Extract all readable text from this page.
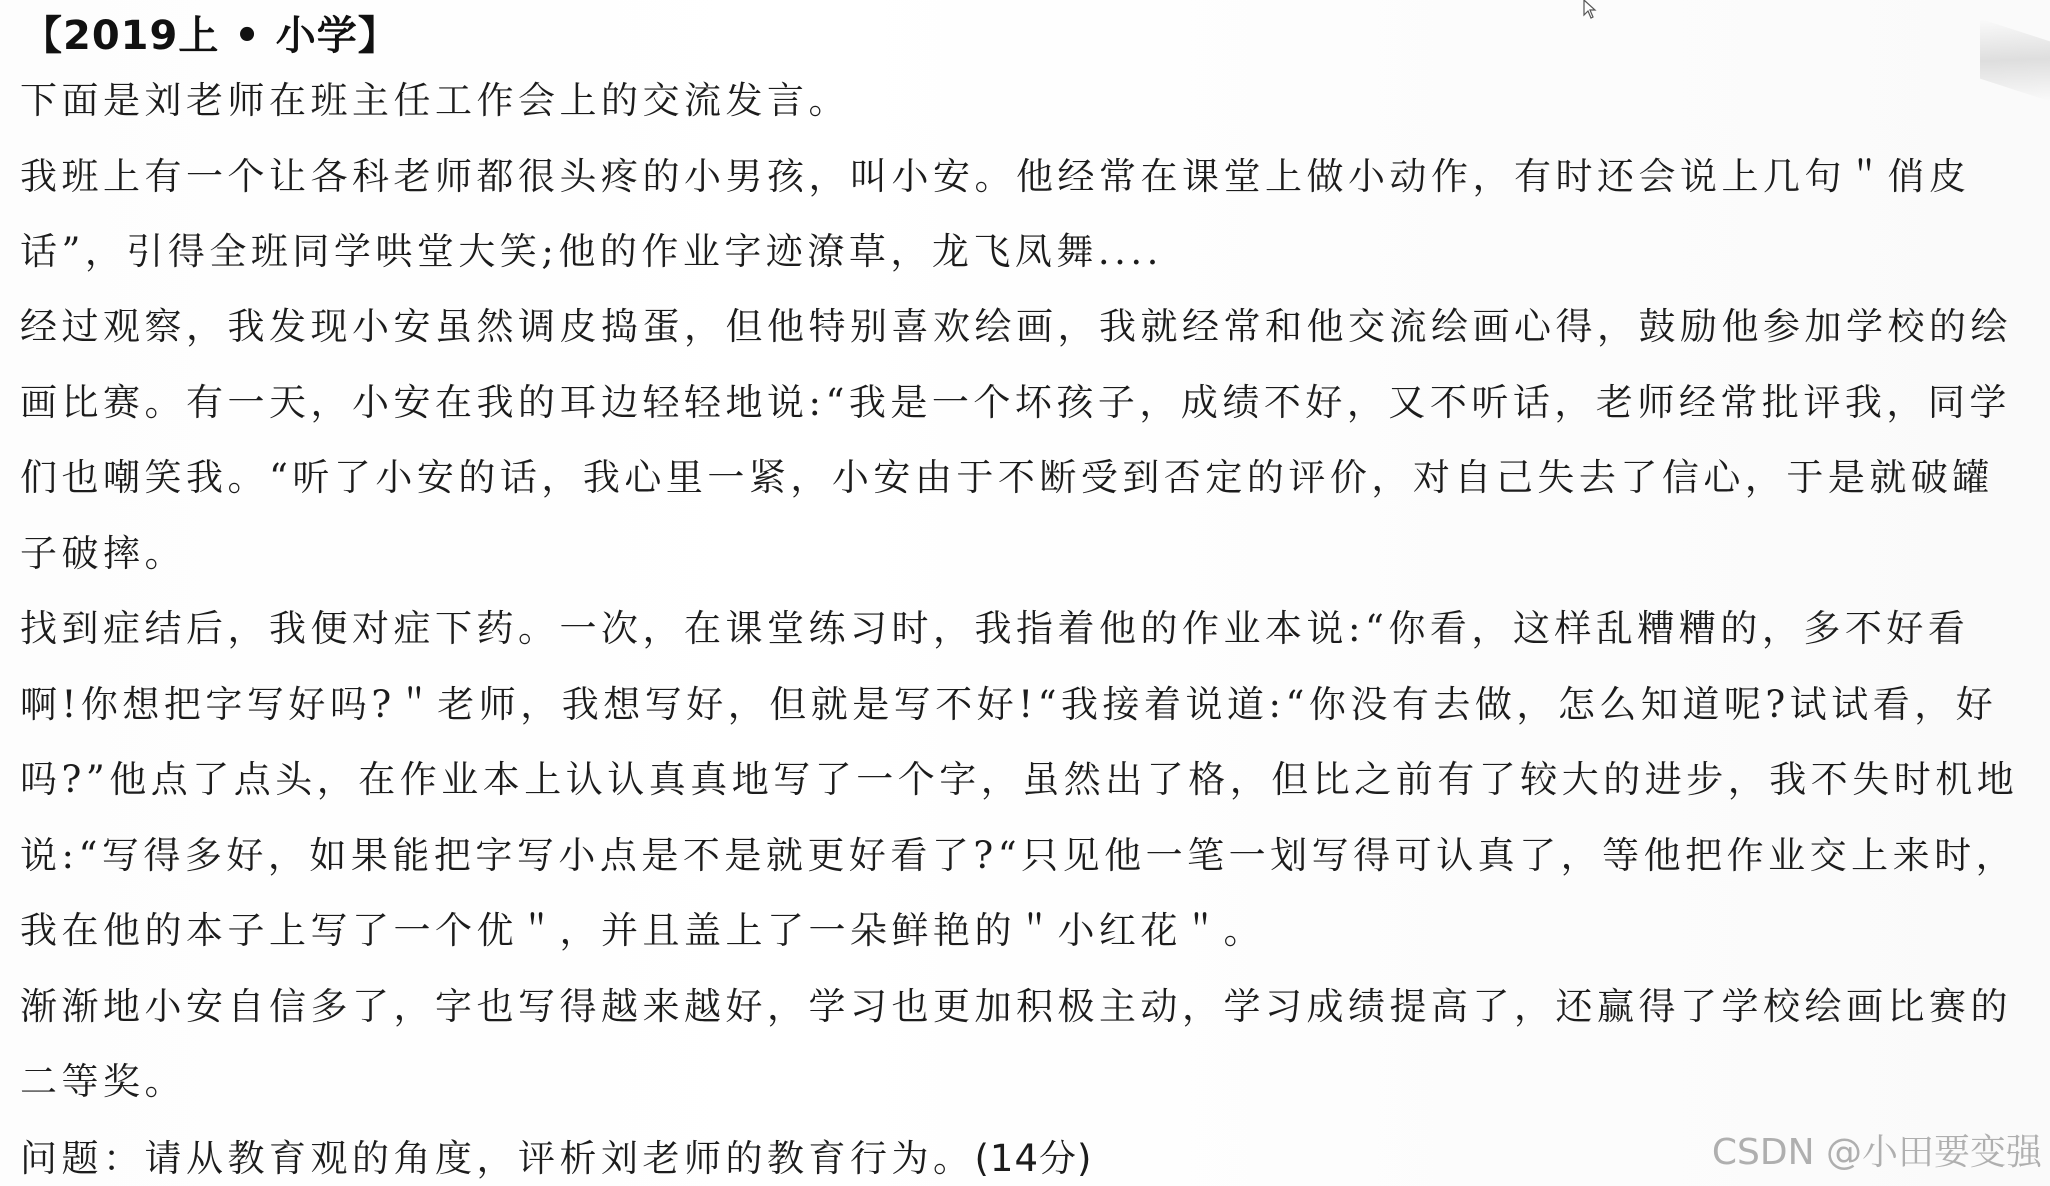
【2019上 • 小学】
下面是刘老师在班主任工作会上的交流发言。
我班上有一个让各科老师都很头疼的小男孩，叫小安。他经常在课堂上做小动作，有时还会说上几句＂俏皮
话”，引得全班同学哄堂大笑;他的作业字迹潦草，龙飞凤舞....
经过观察，我发现小安虽然调皮捣蛋，但他特别喜欢绘画，我就经常和他交流绘画心得，鼓励他参加学校的绘
画比赛。有一天，小安在我的耳边轻轻地说:“我是一个坏孩子，成绩不好，又不听话，老师经常批评我，同学
们也嘲笑我。“听了小安的话，我心里一紧，小安由于不断受到否定的评价，对自己失去了信心，于是就破罐
子破摔。
找到症结后，我便对症下药。一次，在课堂练习时，我指着他的作业本说:“你看，这样乱糟糟的，多不好看
啊!你想把字写好吗?＂老师，我想写好，但就是写不好!“我接着说道:“你没有去做，怎么知道呢?试试看，好
吗?”他点了点头，在作业本上认认真真地写了一个字，虽然出了格，但比之前有了较大的进步，我不失时机地
说:“写得多好，如果能把字写小点是不是就更好看了?“只见他一笔一划写得可认真了，等他把作业交上来时，
我在他的本子上写了一个优＂，并且盖上了一朵鲜艳的＂小红花＂。
渐渐地小安自信多了，字也写得越来越好，学习也更加积极主动，学习成绩提高了，还赢得了学校绘画比赛的
二等奖。
问题：请从教育观的角度，评析刘老师的教育行为。(14分)	CSDN @小田要变强
